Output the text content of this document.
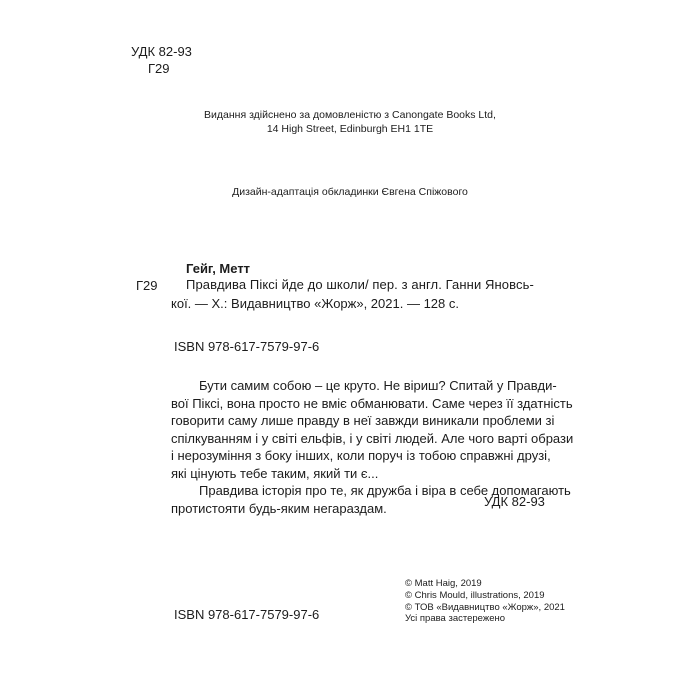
УДК 82-93
Г29
Видання здійснено за домовленістю з Canongate Books Ltd,
14 High Street, Edinburgh EH1 1TE
Дизайн-адаптація обкладинки Євгена Спіжового
Гейг, Метт
Г29 Правдива Піксі йде до школи/ пер. з англ. Ганни Яновсь-
кої. — Х.: Видавництво «Жорж», 2021. — 128 с.
ISBN 978-617-7579-97-6
Бути самим собою – це круто. Не віриш? Спитай у Правди-
вої Піксі, вона просто не вміє обманювати. Саме через її здатність
говорити саму лише правду в неї завжди виникали проблеми зі
спілкуванням і у світі ельфів, і у світі людей. Але чого варті образи
і нерозуміння з боку інших, коли поруч із тобою справжні друзі,
які цінують тебе таким, який ти є...
Правдива історія про те, як дружба і віра в себе допомагають
протистояти будь-яким негараздам.	УДК 82-93
© Matt Haig, 2019
© Chris Mould, illustrations, 2019
© ТОВ «Видавництво «Жорж», 2021
ISBN 978-617-7579-97-6	Усі права застережено
